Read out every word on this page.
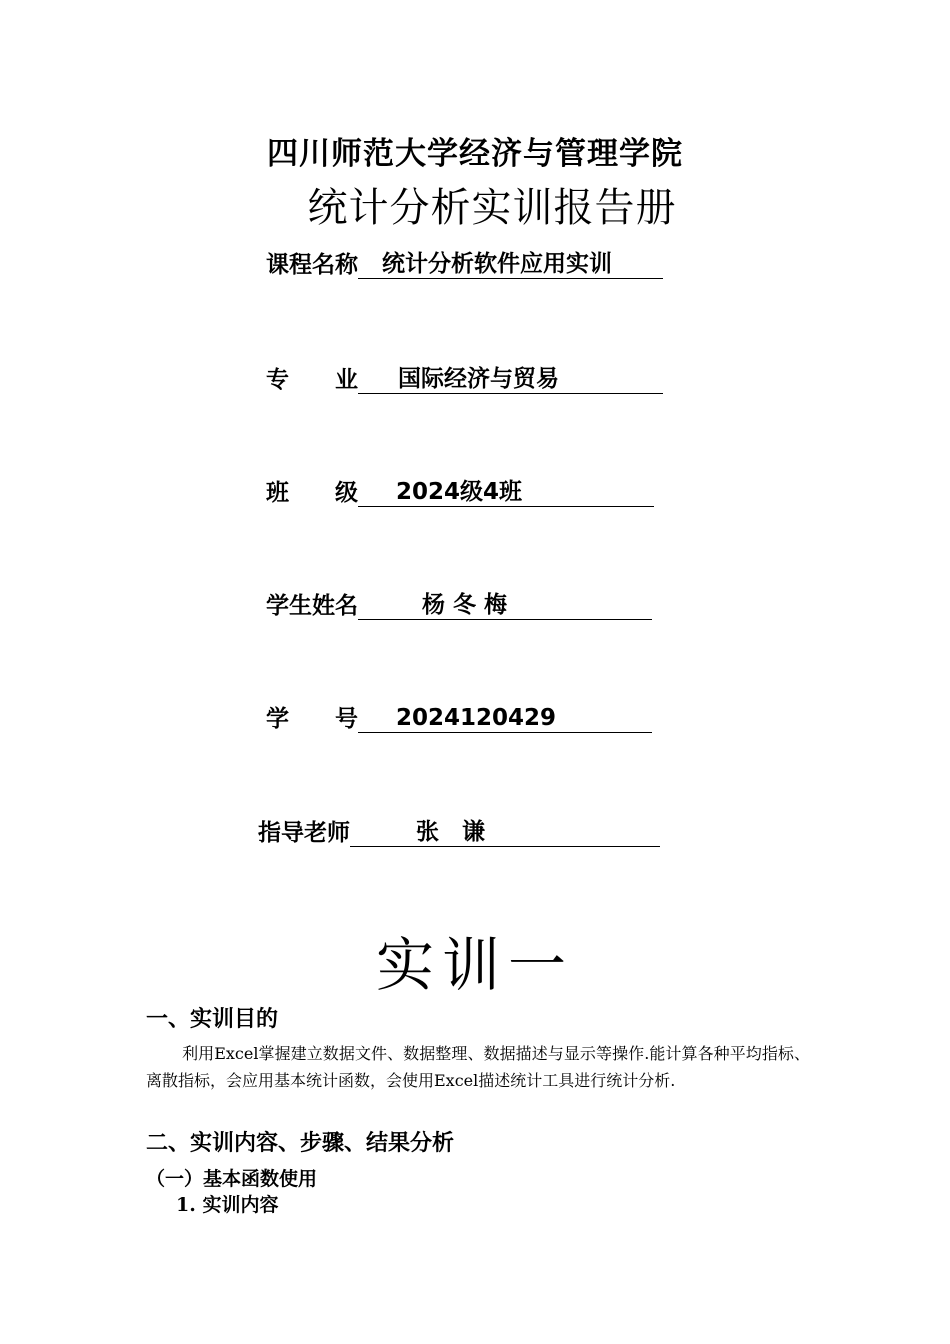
四川师范大学经济与管理学院
统计分析实训报告册
课程名称	统计分析软件应用实训
专　　业	国际经济与贸易
班　　级	2024级4班
学生姓名	杨 冬 梅
学　　号	2024120429
指导老师	张　谦
实训一
一、实训目的
利用Excel掌握建立数据文件、数据整理、数据描述与显示等操作.能计算各种平均指标、离散指标，会应用基本统计函数，会使用Excel描述统计工具进行统计分析.
二、实训内容、步骤、结果分析
（一）基本函数使用
1. 实训内容
